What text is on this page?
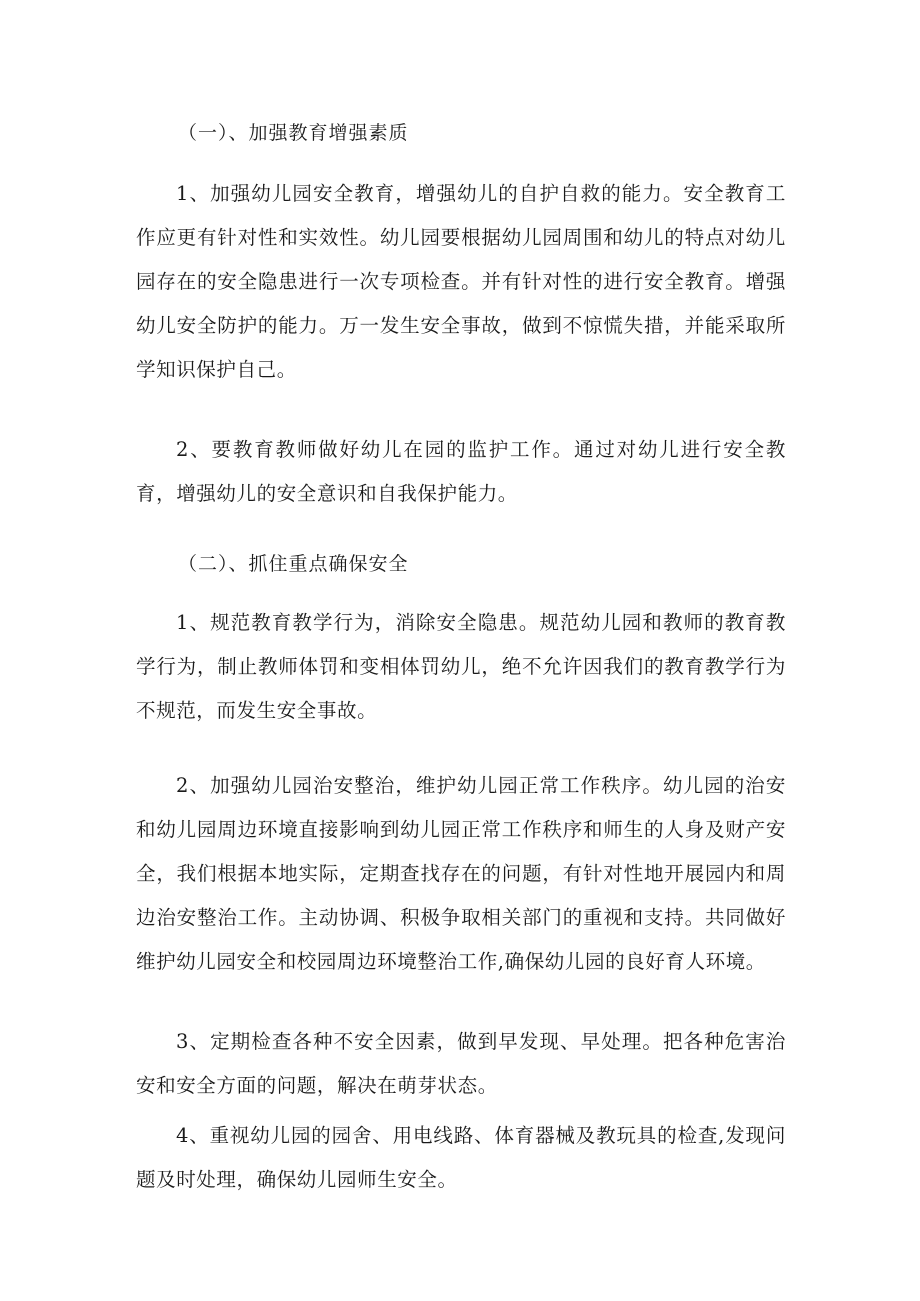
（一）、加强教育增强素质
1、加强幼儿园安全教育，增强幼儿的自护自救的能力。安全教育工作应更有针对性和实效性。幼儿园要根据幼儿园周围和幼儿的特点对幼儿园存在的安全隐患进行一次专项检查。并有针对性的进行安全教育。增强幼儿安全防护的能力。万一发生安全事故，做到不惊慌失措，并能采取所学知识保护自己。
2、要教育教师做好幼儿在园的监护工作。通过对幼儿进行安全教育，增强幼儿的安全意识和自我保护能力。
（二）、抓住重点确保安全
1、规范教育教学行为，消除安全隐患。规范幼儿园和教师的教育教学行为，制止教师体罚和变相体罚幼儿，绝不允许因我们的教育教学行为不规范，而发生安全事故。
2、加强幼儿园治安整治，维护幼儿园正常工作秩序。幼儿园的治安和幼儿园周边环境直接影响到幼儿园正常工作秩序和师生的人身及财产安全，我们根据本地实际，定期查找存在的问题，有针对性地开展园内和周边治安整治工作。主动协调、积极争取相关部门的重视和支持。共同做好维护幼儿园安全和校园周边环境整治工作,确保幼儿园的良好育人环境。
3、定期检查各种不安全因素，做到早发现、早处理。把各种危害治安和安全方面的问题，解决在萌芽状态。
4、重视幼儿园的园舍、用电线路、体育器械及教玩具的检查,发现问题及时处理，确保幼儿园师生安全。
